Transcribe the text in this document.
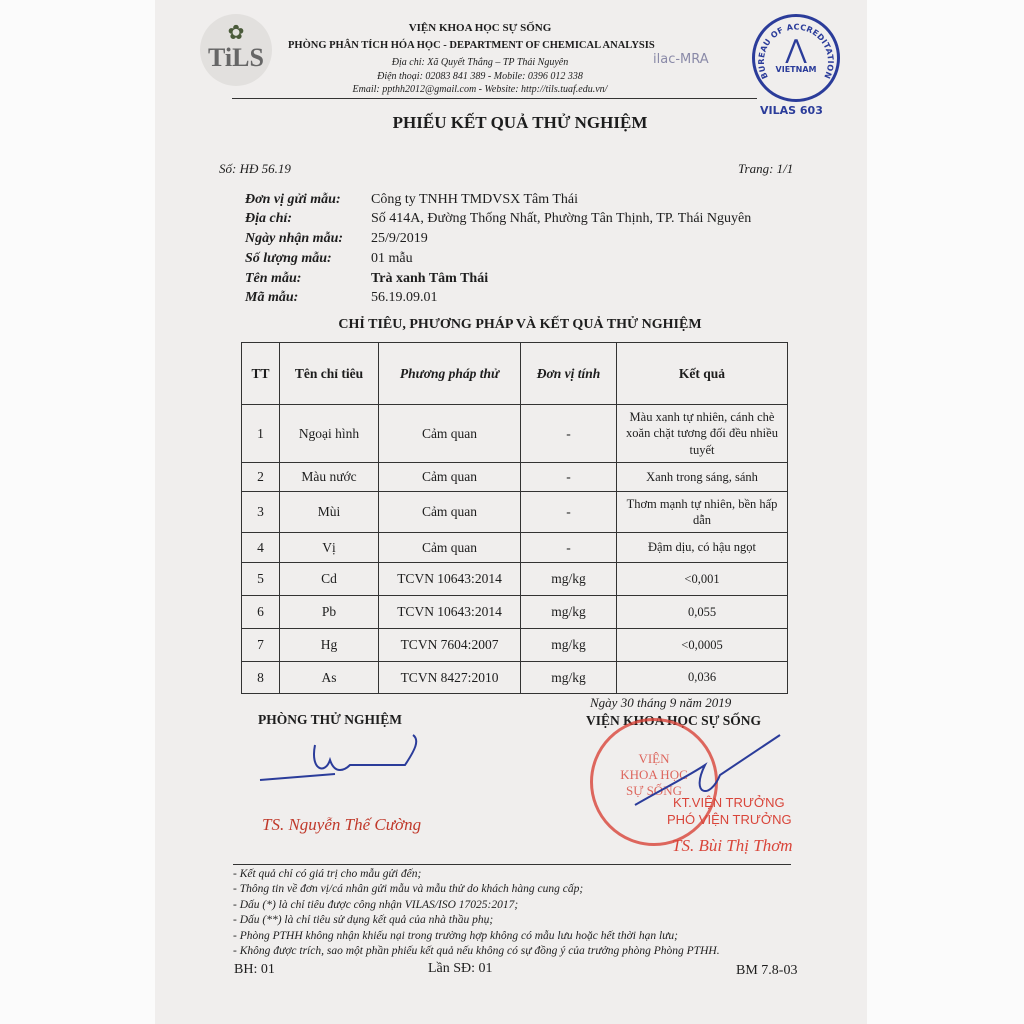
✿
TiLS
VIỆN KHOA HỌC SỰ SỐNG
PHÒNG PHÂN TÍCH HÓA HỌC - DEPARTMENT OF CHEMICAL ANALYSIS
Địa chỉ: Xã Quyết Thắng – TP Thái Nguyên
Điện thoại: 02083 841 389 - Mobile: 0396 012 338
Email: ppthh2012@gmail.com - Website: http://tils.tuaf.edu.vn/
ilac-MRA
BUREAU OF ACCREDITATION
⋀
VIETNAM
VILAS 603
PHIẾU KẾT QUẢ THỬ NGHIỆM
Số: HĐ 56.19	Trang: 1/1
Đơn vị gửi mẫu: Công ty TNHH TMDVSX Tâm Thái
Địa chỉ:	Số 414A, Đường Thống Nhất, Phường Tân Thịnh, TP. Thái Nguyên
Ngày nhận mẫu: 25/9/2019
Số lượng mẫu:	01 mẫu
Tên mẫu:	Trà xanh Tâm Thái
Mã mẫu:	56.19.09.01
CHỈ TIÊU, PHƯƠNG PHÁP VÀ KẾT QUẢ THỬ NGHIỆM
TT	Tên chỉ tiêu	Phương pháp thử	Đơn vị tính	Kết quả
1	Ngoại hình	Cảm quan	-	Màu xanh tự nhiên, cánh chè xoăn chặt tương đối đều nhiều tuyết
2	Màu nước	Cảm quan	-	Xanh trong sáng, sánh
3	Mùi	Cảm quan	-	Thơm mạnh tự nhiên, bền hấp dẫn
4	Vị	Cảm quan	-	Đậm dịu, có hậu ngọt
5	Cd	TCVN 10643:2014	mg/kg	<0,001
6	Pb	TCVN 10643:2014	mg/kg	0,055
7	Hg	TCVN 7604:2007	mg/kg	<0,0005
8	As	TCVN 8427:2010	mg/kg	0,036
Ngày 30 tháng 9 năm 2019
PHÒNG THỬ NGHIỆM	VIỆN KHOA HỌC SỰ SỐNG
TS. Nguyễn Thế Cường
VIỆN KHOA HỌC SỰ SỐNG
KT.VIỆN TRƯỞNG
PHÓ VIỆN TRƯỞNG
TS. Bùi Thị Thơm
- Kết quả chỉ có giá trị cho mẫu gửi đến;
- Thông tin về đơn vị/cá nhân gửi mẫu và mẫu thử do khách hàng cung cấp;
- Dấu (*) là chỉ tiêu được công nhận VILAS/ISO 17025:2017;
- Dấu (**) là chỉ tiêu sử dụng kết quả của nhà thầu phụ;
- Phòng PTHH không nhận khiếu nại trong trường hợp không có mẫu lưu hoặc hết thời hạn lưu;
- Không được trích, sao một phần phiếu kết quả nếu không có sự đồng ý của trưởng phòng Phòng PTHH.
BH: 01	Lần SĐ: 01	BM 7.8-03
